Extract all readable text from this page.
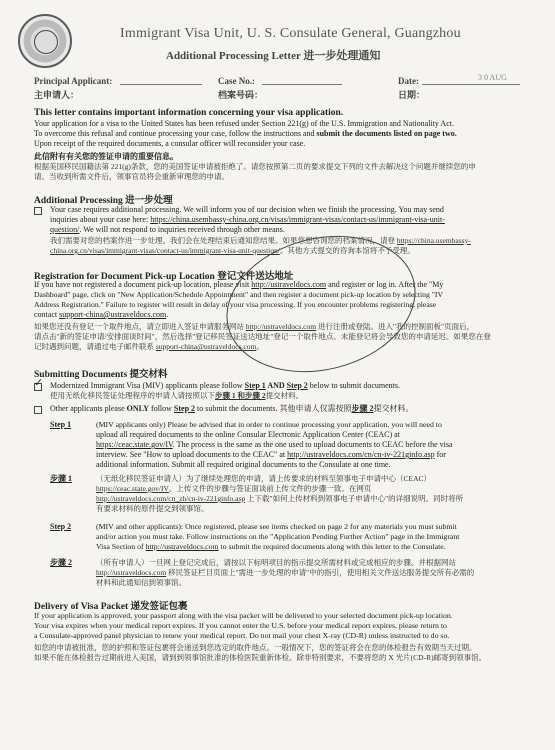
Immigrant Visa Unit, U. S. Consulate General, Guangzhou
Additional Processing Letter 进一步处理通知
Principal Applicant:
主申请人：
Case No.:
档案号码：
Date:
日期：
3 0 AUG
This letter contains important information concerning your visa application.
Your application for a visa to the United States has been refused under Section 221(g) of the U.S. Immigration and Nationality Act.
To overcome this refusal and continue processing your case, follow the instructions and submit the documents listed on page two.
Upon receipt of the required documents, a consular officer will reconsider your case.
此信附有有关您的签证申请的重要信息。
根据美国移民国籍法第 221(g)条款，您的美国签证申请被拒绝了。请您按照第二页的要求提交下列的文件去解决这个问题并继续您的申
请。当收到所需文件后，领事官员将会重新审理您的申请。
Additional Processing 进一步处理
Your case requires additional processing. We will inform you of our decision when we finish the processing. You may send
inquiries about your case here: https://china.usembassy-china.org.cn/visas/immigrant-visas/contact-us/immigrant-visa-unit-
question/. We will not respond to inquiries received through other means.
我们需要对您的档案作进一步处理。我们会在处理结束后通知您结果。如果您想咨询您的档案情况，请登 https://china.usembassy-
china.org.cn/visas/immigrant-visas/contact-us/immigrant-visa-unit-question/。其他方式提交的咨询本馆将不予受理。
Registration for Document Pick-up Location 登记文件送达地址
If you have not registered a document pick-up location, please visit http://ustraveldocs.com and register or log in. After the "My
Dashboard" page, click on "New Application/Schedule Appointment" and then register a document pick-up location by selecting "IV
Address Registration." Failure to register will result in delay of your visa processing. If you encounter problems registering, please
contact support-china@ustraveldocs.com.
如果您还没有登记一个取件地点，请立即进入签证申请服务网站 http://ustraveldocs.com 进行注册或登陆。进入"我的控制面板"页面后，
请点击"新的签证申请/安排面谈时间"，然后选择"登记移民签证送达地址"登记一个取件地点。未能登记将会导致您的申请延迟。如果您在登
记时遇到问题，请通过电子邮件联系 support-china@ustraveldocs.com。
Submitting Documents 提交材料
✓ Modernized Immigrant Visa (MIV) applicants please follow Step 1 AND Step 2 below to submit documents.
使用无纸化移民签证处理程序的申请人请按照以下步骤 1 和步骤 2提交材料。
Other applicants please ONLY follow Step 2 to submit the documents. 其他申请人仅需按照步骤 2提交材料。
Step 1	(MIV applicants only) Please be advised that in order to continue processing your application, you will need to
upload all required documents to the online Consular Electronic Application Center (CEAC) at
https://ceac.state.gov/IV. The process is the same as the one used to upload documents to CEAC before the visa
interview. See "How to upload documents to the CEAC" at http://ustraveldocs.com/cn/cn-iv-221ginfo.asp for
additional information. Submit all required original documents to the Consulate at one time.
步骤 1	（无纸化移民签证申请人）为了继续处理您的申请，请上传要求的材料至领事电子申请中心（CEAC）
https://ceac.state.gov/IV。上传文件的步骤与签证面谈前上传文件的步骤一致。在网页
http://ustraveldocs.com/cn_zh/cn-iv-221ginfo.asp 上下载"如何上传材料到领事电子申请中心"的详细说明。同时将所
有要求材料的原件提交到领事馆。
Step 2	(MIV and other applicants): Once registered, please see items checked on page 2 for any materials you must submit
and/or action you must take. Follow instructions on the "Application Pending Further Action" page in the Immigrant
Visa Section of http://ustraveldocs.com to submit the required documents along with this letter to the Consulate.
步骤 2	（所有申请人）一旦网上登记完成后，请按以下标明项目的指示提交所需材料或完成相应的步骤。并根据网站
http://ustraveldocs.com 移民签证栏目页面上"需进一步处理的申请"中的指引，使用相关文件送达服务提交所有必需的
材料和此通知信到领事馆。
Delivery of Visa Packet 递发签证包裹
If your application is approved, your passport along with the visa packet will be delivered to your selected document pick-up location.
Your visa expires when your medical report expires. If you cannot enter the U.S. before your medical report expires, please return to
a Consulate-approved panel physician to renew your medical report. Do not mail your chest X-ray (CD-R) unless instructed to do so.
如您的申请被批准，您的护照和签证包裹将会递送到您选定的取件地点。一般情况下，您的签证将会在您的体检报告有效期当天过期。
如果不能在体检报告过期前进入美国，请到到领事馆批准的体检医院重新体检。除非特别要求，不要将您的 X 光片(CD-R)邮寄到领事馆。
